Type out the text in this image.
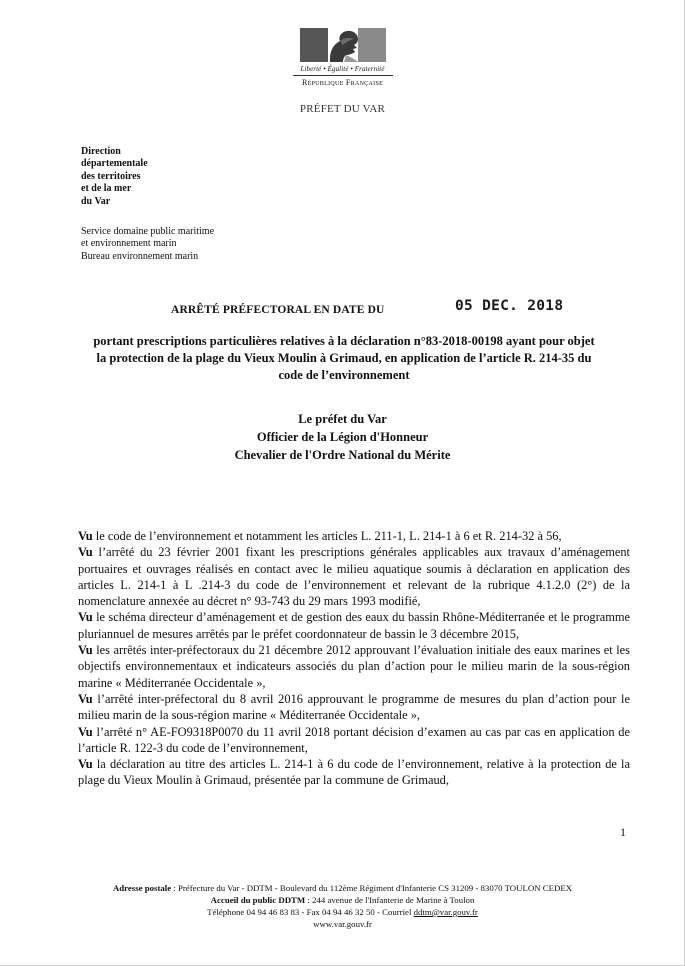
Liberté • Égalité • Fraternité
République Française
PRÉFET DU VAR
Direction
départementale
des territoires
et de la mer
du Var
Service domaine public maritime
et environnement marin
Bureau environnement marin
ARRÊTÉ PRÉFECTORAL EN DATE DU	05 DEC. 2018
portant prescriptions particulières relatives à la déclaration n°83-2018-00198 ayant pour objet
la protection de la plage du Vieux Moulin à Grimaud, en application de l’article R. 214-35 du
code de l’environnement
Le préfet du Var
Officier de la Légion d'Honneur
Chevalier de l'Ordre National du Mérite

Vu le code de l’environnement et notamment les articles L. 211-1, L. 214-1 à 6 et R. 214-32 à 56,

Vu l’arrêté du 23 février 2001 fixant les prescriptions générales applicables aux travaux d’aménagement portuaires et ouvrages réalisés en contact avec le milieu aquatique soumis à déclaration en application des articles L. 214-1 à L .214-3 du code de l’environnement et relevant de la rubrique 4.1.2.0 (2°) de la nomenclature annexée au décret n° 93-743 du 29 mars 1993 modifié,

Vu le schéma directeur d’aménagement et de gestion des eaux du bassin Rhône-Méditerranée et le programme pluriannuel de mesures arrêtés par le préfet coordonnateur de bassin le 3 décembre 2015,

Vu les arrêtés inter-préfectoraux du 21 décembre 2012 approuvant l’évaluation initiale des eaux marines et les objectifs environnementaux et indicateurs associés du plan d’action pour le milieu marin de la sous-région marine « Méditerranée Occidentale »,

Vu l’arrêté inter-préfectoral du 8 avril 2016 approuvant le programme de mesures du plan d’action pour le milieu marin de la sous-région marine « Méditerranée Occidentale »,

Vu l’arrêté n° AE-FO9318P0070 du 11 avril 2018 portant décision d’examen au cas par cas en application de l’article R. 122-3 du code de l’environnement,

Vu la déclaration au titre des articles L. 214-1 à 6 du code de l’environnement, relative à la protection de la plage du Vieux Moulin à Grimaud, présentée par la commune de Grimaud,

1
Adresse postale : Préfecture du Var - DDTM - Boulevard du 112ème Régiment d'Infanterie CS 31209 - 83070 TOULON CEDEX
Accueil du public DDTM : 244 avenue de l'Infanterie de Marine à Toulon
Téléphone 04 94 46 83 83 - Fax 04 94 46 32 50 - Courriel ddtm@var.gouv.fr
www.var.gouv.fr
